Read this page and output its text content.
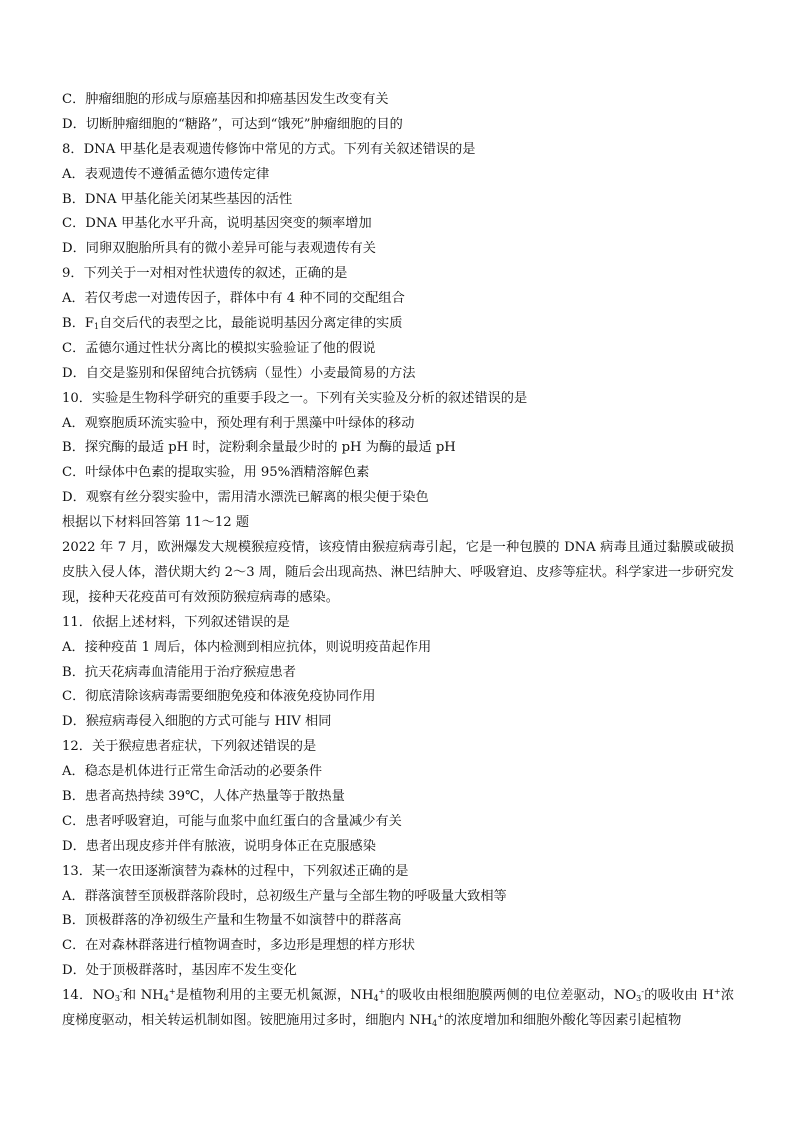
C．肿瘤细胞的形成与原癌基因和抑癌基因发生改变有关
D．切断肿瘤细胞的“糖路”，可达到“饿死”肿瘤细胞的目的
8．DNA 甲基化是表观遗传修饰中常见的方式。下列有关叙述错误的是
A．表观遗传不遵循孟德尔遗传定律
B．DNA 甲基化能关闭某些基因的活性
C．DNA 甲基化水平升高，说明基因突变的频率增加
D．同卵双胞胎所具有的微小差异可能与表观遗传有关
9．下列关于一对相对性状遗传的叙述，正确的是
A．若仅考虑一对遗传因子，群体中有 4 种不同的交配组合
B．$F_1$自交后代的表型之比，最能说明基因分离定律的实质
C．孟德尔通过性状分离比的模拟实验验证了他的假说
D．自交是鉴别和保留纯合抗锈病（显性）小麦最简易的方法
10．实验是生物科学研究的重要手段之一。下列有关实验及分析的叙述错误的是
A．观察胞质环流实验中，预处理有利于黑藻中叶绿体的移动
B．探究酶的最适 pH 时，淀粉剩余量最少时的 pH 为酶的最适 pH
C．叶绿体中色素的提取实验，用 95%酒精溶解色素
D．观察有丝分裂实验中，需用清水漂洗已解离的根尖便于染色
根据以下材料回答第 11～12 题
2022 年 7 月，欧洲爆发大规模猴痘疫情，该疫情由猴痘病毒引起，它是一种包膜的 DNA 病毒且通过黏膜或破损皮肤入侵人体，潜伏期大约 2～3 周，随后会出现高热、淋巴结肿大、呼吸窘迫、皮疹等症状。科学家进一步研究发现，接种天花疫苗可有效预防猴痘病毒的感染。
11．依据上述材料，下列叙述错误的是
A．接种疫苗 1 周后，体内检测到相应抗体，则说明疫苗起作用
B．抗天花病毒血清能用于治疗猴痘患者
C．彻底清除该病毒需要细胞免疫和体液免疫协同作用
D．猴痘病毒侵入细胞的方式可能与 HIV 相同
12．关于猴痘患者症状，下列叙述错误的是
A．稳态是机体进行正常生命活动的必要条件
B．患者高热持续 39℃，人体产热量等于散热量
C．患者呼吸窘迫，可能与血浆中血红蛋白的含量减少有关
D．患者出现皮疹并伴有脓液，说明身体正在克服感染
13．某一农田逐渐演替为森林的过程中，下列叙述正确的是
A．群落演替至顶极群落阶段时，总初级生产量与全部生物的呼吸量大致相等
B．顶极群落的净初级生产量和生物量不如演替中的群落高
C．在对森林群落进行植物调查时，多边形是理想的样方形状
D．处于顶极群落时，基因库不发生变化
14．$NO_3^-$和 $NH_4^+$是植物利用的主要无机氮源，$NH_4^+$的吸收由根细胞膜两侧的电位差驱动，$NO_3^-$的吸收由 H+浓度梯度驱动，相关转运机制如图。铵肥施用过多时，细胞内 $NH_4^+$的浓度增加和细胞外酸化等因素引起植物
